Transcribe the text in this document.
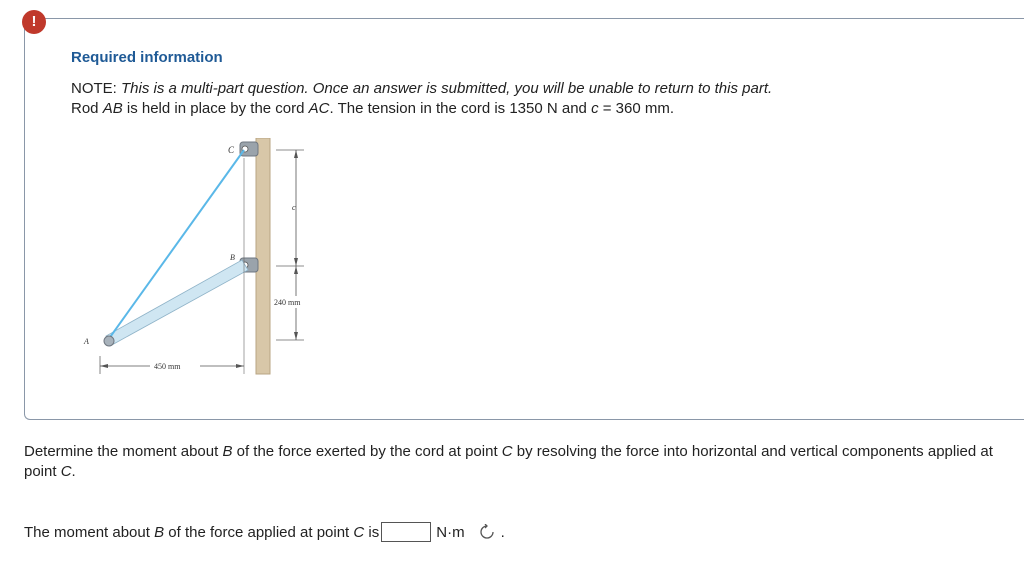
!
Required information
NOTE: This is a multi-part question. Once an answer is submitted, you will be unable to return to this part.
Rod AB is held in place by the cord AC. The tension in the cord is 1350 N and c = 360 mm.
C
B
A
c
240 mm
450 mm
Determine the moment about B of the force exerted by the cord at point C by resolving the force into horizontal and vertical components applied at point C.
The moment about
B
of the force applied at point
C
is	N·m .
